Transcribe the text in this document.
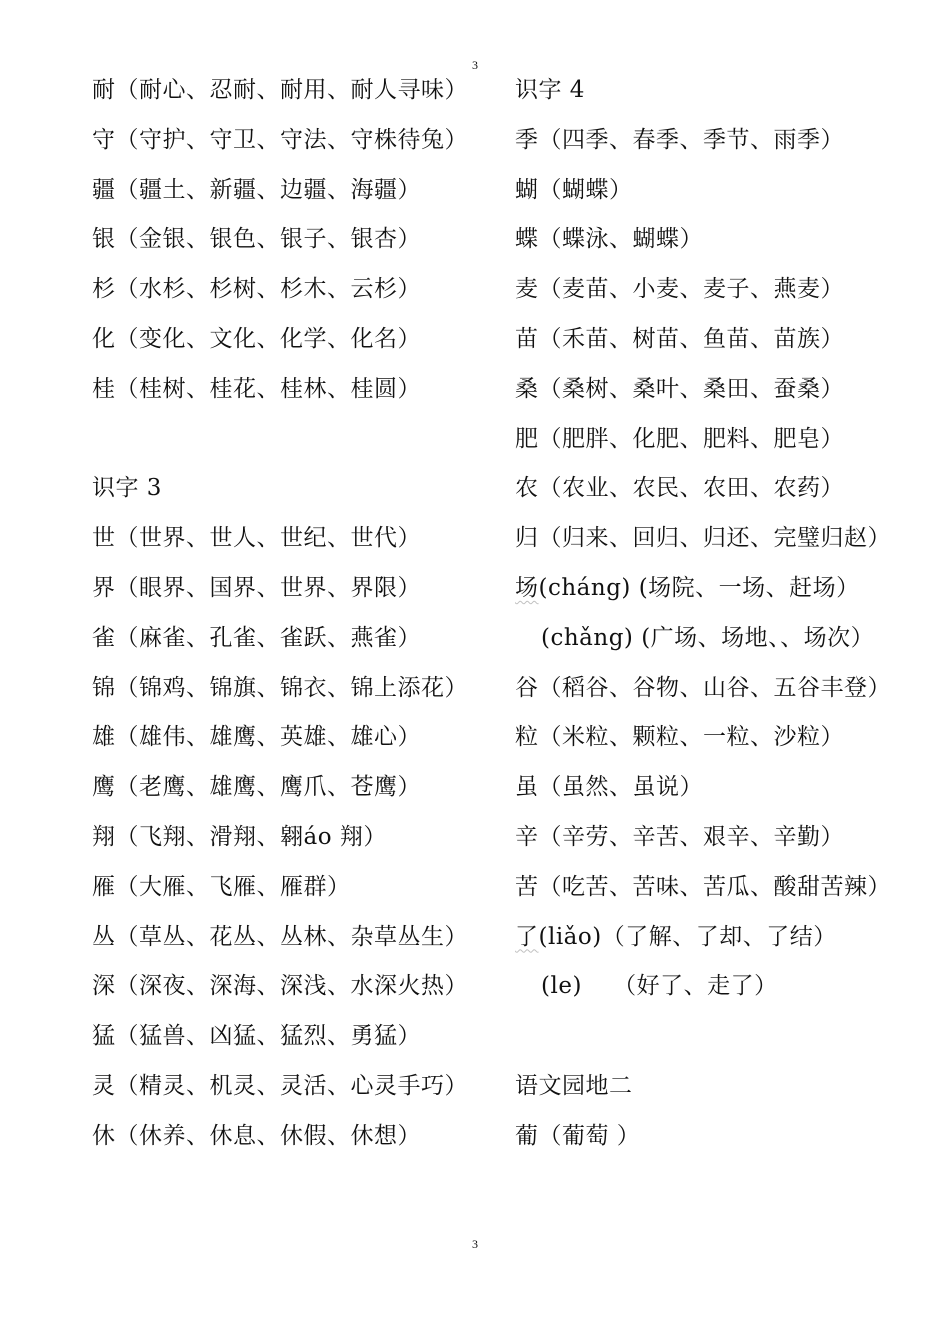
3
耐（耐心、忍耐、耐用、耐人寻味）
守（守护、守卫、守法、守株待兔）
疆（疆土、新疆、边疆、海疆）
银（金银、银色、银子、银杏）
杉（水杉、杉树、杉木、云杉）
化（变化、文化、化学、化名）
桂（桂树、桂花、桂林、桂圆）
识字 3
世（世界、世人、世纪、世代）
界（眼界、国界、世界、界限）
雀（麻雀、孔雀、雀跃、燕雀）
锦（锦鸡、锦旗、锦衣、锦上添花）
雄（雄伟、雄鹰、英雄、雄心）
鹰（老鹰、雄鹰、鹰爪、苍鹰）
翔（飞翔、滑翔、翱áo 翔）
雁（大雁、飞雁、雁群）
丛（草丛、花丛、丛林、杂草丛生）
深（深夜、深海、深浅、水深火热）
猛（猛兽、凶猛、猛烈、勇猛）
灵（精灵、机灵、灵活、心灵手巧）
休（休养、休息、休假、休想）
识字 4
季（四季、春季、季节、雨季）
蝴（蝴蝶）
蝶（蝶泳、蝴蝶）
麦（麦苗、小麦、麦子、燕麦）
苗（禾苗、树苗、鱼苗、苗族）
桑（桑树、桑叶、桑田、蚕桑）
肥（肥胖、化肥、肥料、肥皂）
农（农业、农民、农田、农药）
归（归来、回归、归还、完璧归赵）
场(cháng) (场院、一场、赶场）
(chǎng) (广场、场地、、场次）
谷（稻谷、谷物、山谷、五谷丰登）
粒（米粒、颗粒、一粒、沙粒）
虽（虽然、虽说）
辛（辛劳、辛苦、艰辛、辛勤）
苦（吃苦、苦味、苦瓜、酸甜苦辣）
了(liǎo)（了解、了却、了结）
(le)    （好了、走了）
语文园地二
葡（葡萄 ）
3
